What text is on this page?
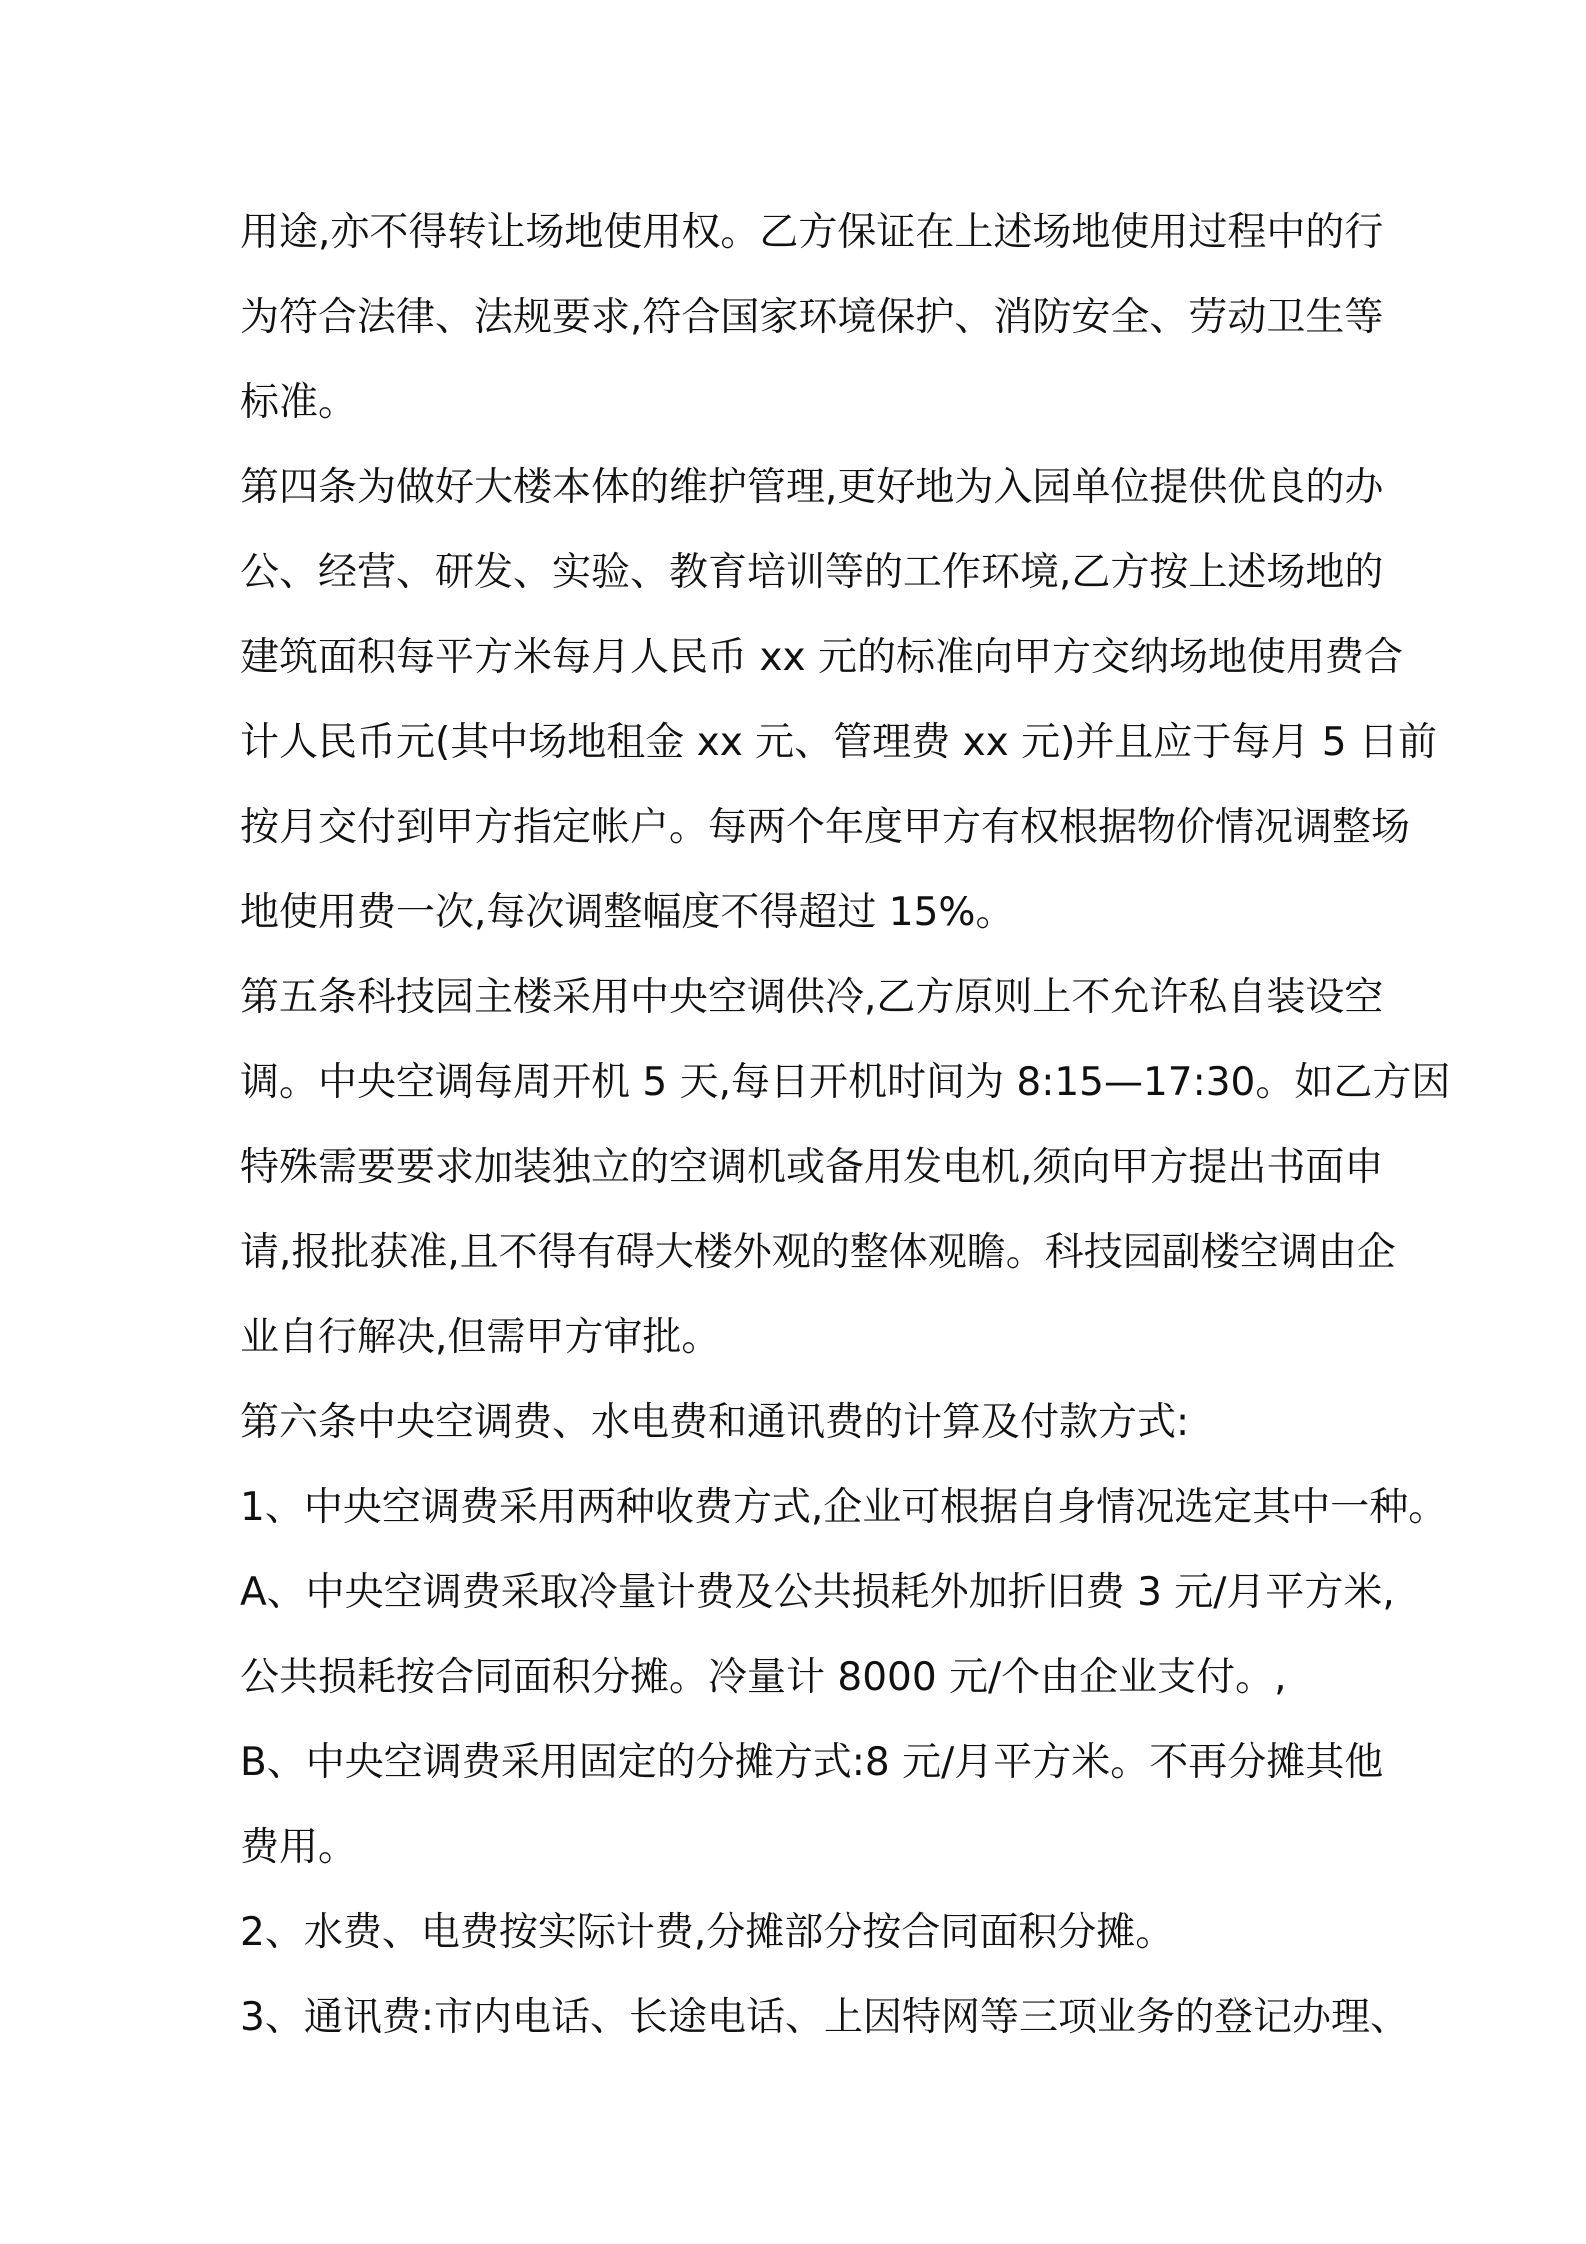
用途,亦不得转让场地使用权。乙方保证在上述场地使用过程中的行
为符合法律、法规要求,符合国家环境保护、消防安全、劳动卫生等
标准。
第四条为做好大楼本体的维护管理,更好地为入园单位提供优良的办
公、经营、研发、实验、教育培训等的工作环境,乙方按上述场地的
建筑面积每平方米每月人民币 xx 元的标准向甲方交纳场地使用费合
计人民币元(其中场地租金 xx 元、管理费 xx 元)并且应于每月 5 日前
按月交付到甲方指定帐户。每两个年度甲方有权根据物价情况调整场
地使用费一次,每次调整幅度不得超过 15%。
第五条科技园主楼采用中央空调供冷,乙方原则上不允许私自装设空
调。中央空调每周开机 5 天,每日开机时间为 8:15—17:30。如乙方因
特殊需要要求加装独立的空调机或备用发电机,须向甲方提出书面申
请,报批获准,且不得有碍大楼外观的整体观瞻。科技园副楼空调由企
业自行解决,但需甲方审批。
第六条中央空调费、水电费和通讯费的计算及付款方式:
1、中央空调费采用两种收费方式,企业可根据自身情况选定其中一种。
A、中央空调费采取冷量计费及公共损耗外加折旧费 3 元/月平方米,
公共损耗按合同面积分摊。冷量计 8000 元/个由企业支付。,
B、中央空调费采用固定的分摊方式:8 元/月平方米。不再分摊其他
费用。
2、水费、电费按实际计费,分摊部分按合同面积分摊。
3、通讯费:市内电话、长途电话、上因特网等三项业务的登记办理、
